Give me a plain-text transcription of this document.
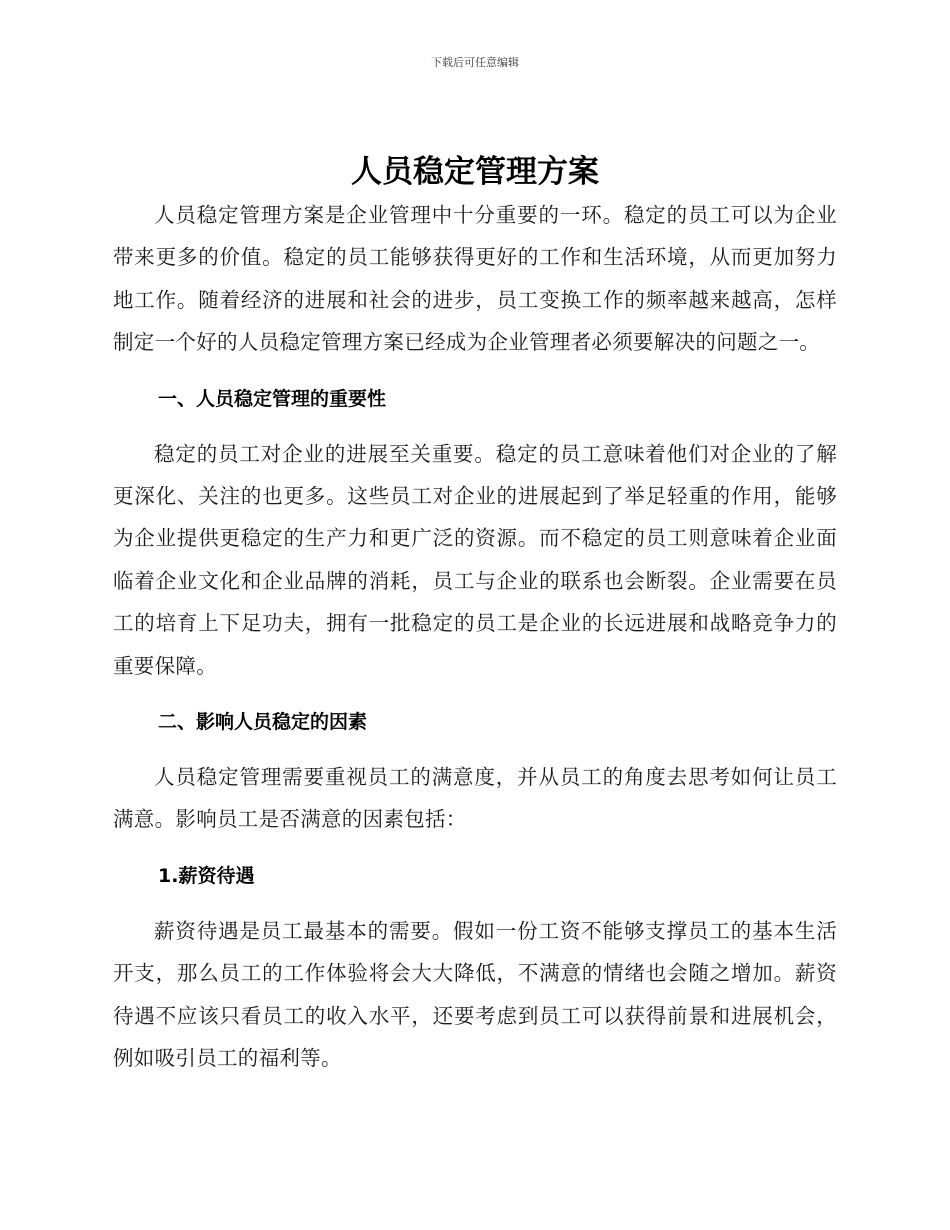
下载后可任意编辑
人员稳定管理方案

人员稳定管理方案是企业管理中十分重要的一环。稳定的员工可以为企业带来更多的价值。稳定的员工能够获得更好的工作和生活环境，从而更加努力地工作。随着经济的进展和社会的进步，员工变换工作的频率越来越高，怎样制定一个好的人员稳定管理方案已经成为企业管理者必须要解决的问题之一。

一、人员稳定管理的重要性

稳定的员工对企业的进展至关重要。稳定的员工意味着他们对企业的了解更深化、关注的也更多。这些员工对企业的进展起到了举足轻重的作用，能够为企业提供更稳定的生产力和更广泛的资源。而不稳定的员工则意味着企业面临着企业文化和企业品牌的消耗，员工与企业的联系也会断裂。企业需要在员工的培育上下足功夫，拥有一批稳定的员工是企业的长远进展和战略竞争力的重要保障。

二、影响人员稳定的因素

人员稳定管理需要重视员工的满意度，并从员工的角度去思考如何让员工满意。影响员工是否满意的因素包括：

1.薪资待遇

薪资待遇是员工最基本的需要。假如一份工资不能够支撑员工的基本生活开支，那么员工的工作体验将会大大降低，不满意的情绪也会随之增加。薪资待遇不应该只看员工的收入水平，还要考虑到员工可以获得前景和进展机会，例如吸引员工的福利等。
